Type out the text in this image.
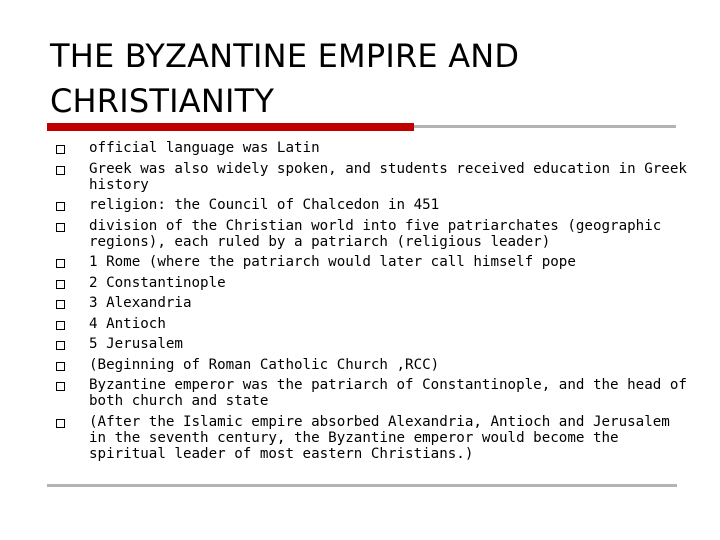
THE BYZANTINE EMPIRE AND
CHRISTIANITY
official language was Latin
Greek was also widely spoken, and students received education in Greek history
religion: the Council of Chalcedon in 451
division of the Christian world into five patriarchates (geographic regions), each ruled by a patriarch (religious leader)
1 Rome (where the patriarch would later call himself pope
2 Constantinople
3 Alexandria
4 Antioch
5 Jerusalem
(Beginning of Roman Catholic Church ,RCC)
Byzantine emperor was the patriarch of Constantinople, and the head of both church and state
(After the Islamic empire absorbed Alexandria, Antioch and Jerusalem in the seventh century, the Byzantine emperor would become the spiritual leader of most eastern Christians.)
